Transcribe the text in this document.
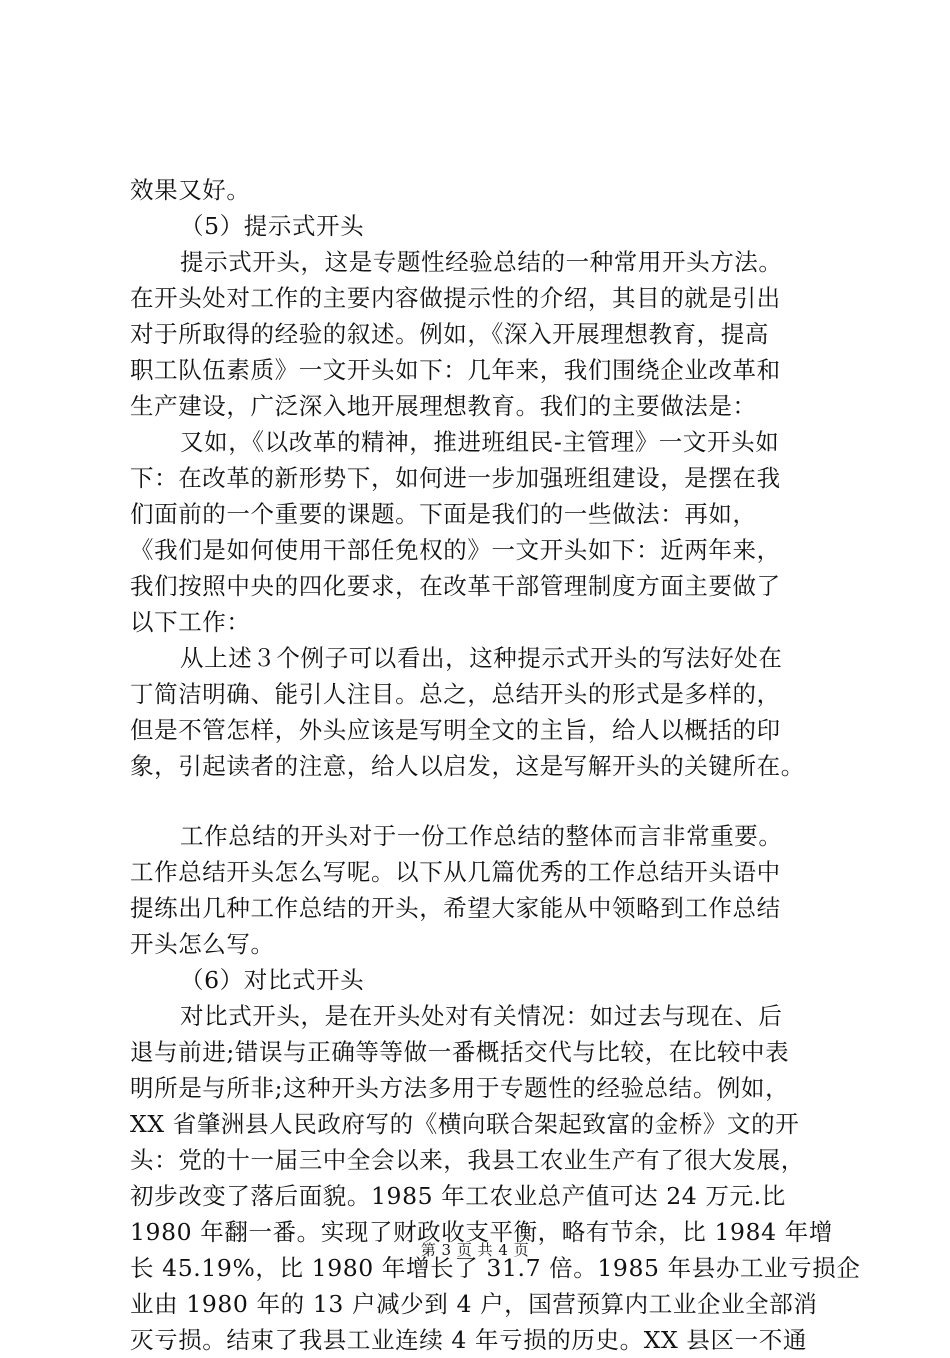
效果又好。
（5）提示式开头
提示式开头，这是专题性经验总结的一种常用开头方法。
在开头处对工作的主要内容做提示性的介绍，其目的就是引出
对于所取得的经验的叙述。例如，《深入开展理想教育，提高
职工队伍素质》一文开头如下：几年来，我们围绕企业改革和
生产建设，广泛深入地开展理想教育。我们的主要做法是：
又如，《以改革的精神，推进班组民-主管理》一文开头如
下：在改革的新形势下，如何进一步加强班组建设，是摆在我
们面前的一个重要的课题。下面是我们的一些做法：再如，
《我们是如何使用干部任免权的》一文开头如下：近两年来，
我们按照中央的四化要求，在改革干部管理制度方面主要做了
以下工作：
从上述３个例子可以看出，这种提示式开头的写法好处在
丁简洁明确、能引人注目。总之，总结开头的形式是多样的，
但是不管怎样，外头应该是写明全文的主旨，给人以概括的印
象，引起读者的注意，给人以启发，这是写解开头的关键所在。
工作总结的开头对于一份工作总结的整体而言非常重要。
工作总结开头怎么写呢。以下从几篇优秀的工作总结开头语中
提练出几种工作总结的开头，希望大家能从中领略到工作总结
开头怎么写。
（6）对比式开头
对比式开头，是在开头处对有关情况：如过去与现在、后
退与前进;错误与正确等等做一番概括交代与比较，在比较中表
明所是与所非;这种开头方法多用于专题性的经验总结。例如，
XX 省肇洲县人民政府写的《横向联合架起致富的金桥》文的开
头：党的十一届三中全会以来，我县工农业生产有了很大发展，
初步改变了落后面貌。1985 年工农业总产值可达 24 万元.比
1980 年翻一番。实现了财政收支平衡，略有节余，比 1984 年增
长 45.19%，比 1980 年增长了 31.7 倍。1985 年县办工业亏损企
业由 1980 年的 13 户减少到 4 户，国营预算内工业企业全部消
灭亏损。结束了我县工业连续 4 年亏损的历史。XX 县区一不通
第 3 页 共 4 页
